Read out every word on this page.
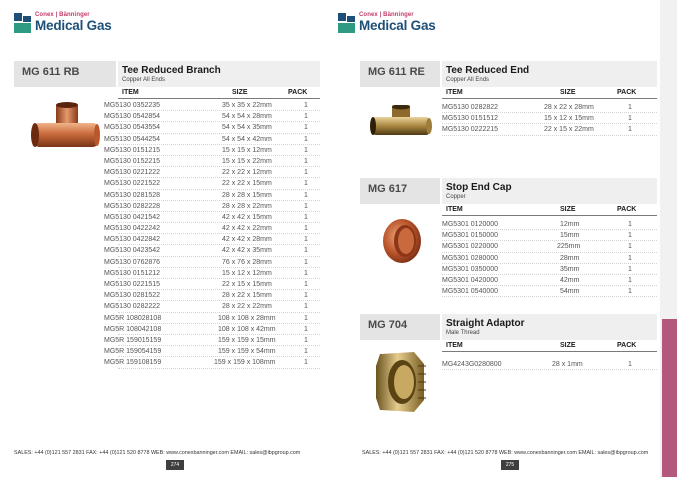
Conex | Bänninger
Medical Gas
MG 611 RB	Tee Reduced Branch
Copper All Ends
ITEM	SIZE	PACK
MG5130 0352235	35 x 35 x 22mm	1
MG5130 0542854	54 x 54 x 28mm	1
MG5130 0543554	54 x 54 x 35mm	1
MG5130 0544254	54 x 54 x 42mm	1
MG5130 0151215	15 x 15 x 12mm	1
MG5130 0152215	15 x 15 x 22mm	1
MG5130 0221222	22 x 22 x 12mm	1
MG5130 0221522	22 x 22 x 15mm	1
MG5130 0281528	28 x 28 x 15mm	1
MG5130 0282228	28 x 28 x 22mm	1
MG5130 0421542	42 x 42 x 15mm	1
MG5130 0422242	42 x 42 x 22mm	1
MG5130 0422842	42 x 42 x 28mm	1
MG5130 0423542	42 x 42 x 35mm	1
MG5130 0762876	76 x 76 x 28mm	1
MG5130 0151212	15 x 12 x 12mm	1
MG5130 0221515	22 x 15 x 15mm	1
MG5130 0281522	28 x 22 x 15mm	1
MG5130 0282222	28 x 22 x 22mm	1
MG5R 108028108	108 x 108 x 28mm	1
MG5R 108042108	108 x 108 x 42mm	1
MG5R 159015159	159 x 159 x 15mm	1
MG5R 159054159	159 x 159 x 54mm	1
MG5R 159108159	159 x 159 x 108mm	1
SALES: +44 (0)121 557 2831 FAX: +44 (0)121 520 8778 WEB: www.conexbanninger.com EMAIL: sales@ibpgroup.com
274
Conex | Bänninger
Medical Gas
MG 611 RE Tee Reduced End
Copper All Ends
ITEM	SIZE	PACK
MG5130 0282822	28 x 22 x 28mm	1
MG5130 0151512	15 x 12 x 15mm	1
MG5130 0222215	22 x 15 x 22mm	1
MG 617	Stop End Cap
Copper
ITEM	SIZE	PACK
MG5301 0120000	12mm	1
MG5301 0150000	15mm	1
MG5301 0220000	225mm	1
MG5301 0280000	28mm	1
MG5301 0350000	35mm	1
MG5301 0420000	42mm	1
MG5301 0540000	54mm	1
MG 704	Straight Adaptor
Male Thread
ITEM	SIZE	PACK
MG4243G0280800	28 x 1mm	1
SALES: +44 (0)121 557 2831 FAX: +44 (0)121 520 8778 WEB: www.conexbanninger.com EMAIL: sales@ibpgroup.com
275
